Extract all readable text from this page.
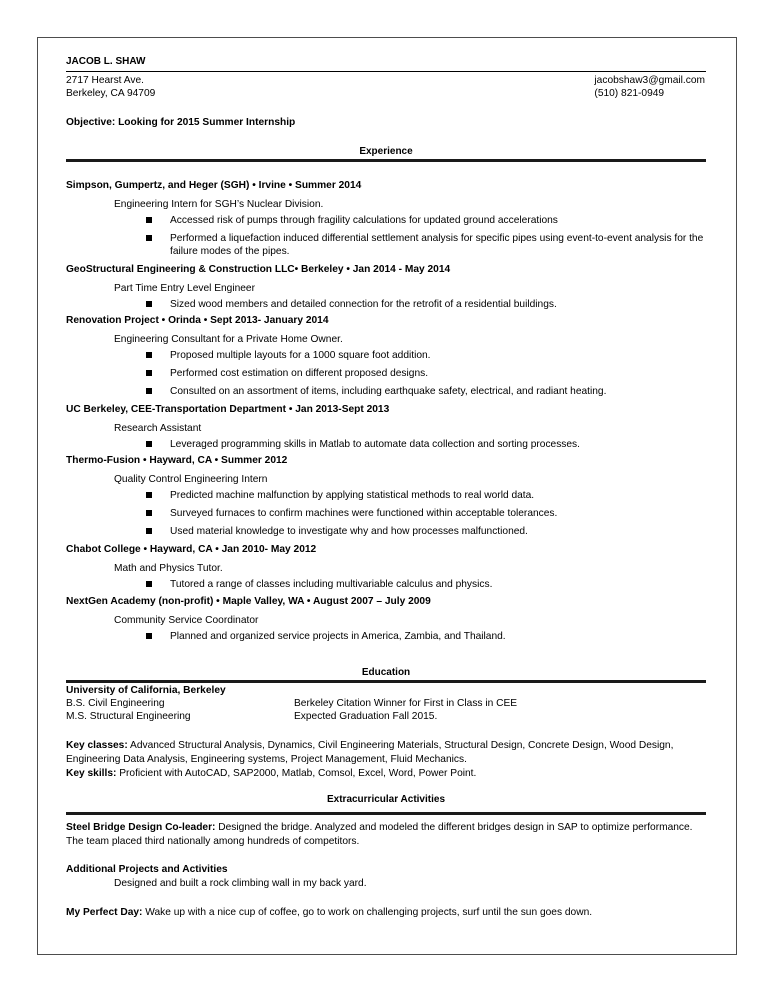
JACOB L. SHAW
2717 Hearst Ave.
Berkeley, CA 94709
jacobshaw3@gmail.com
(510) 821-0949
Objective: Looking for 2015 Summer Internship
Experience
Simpson, Gumpertz, and Heger (SGH) • Irvine • Summer 2014
Engineering Intern for SGH’s Nuclear Division.
Accessed risk of pumps through fragility calculations for updated ground accelerations
Performed a liquefaction induced differential settlement analysis for specific pipes using event-to-event analysis for the failure modes of the pipes.
GeoStructural Engineering & Construction LLC• Berkeley • Jan 2014 - May 2014
Part Time Entry Level Engineer
Sized wood members and detailed connection for the retrofit of a residential buildings.
Renovation Project • Orinda • Sept 2013- January 2014
Engineering Consultant for a Private Home Owner.
Proposed multiple layouts for a 1000 square foot addition.
Performed cost estimation on different proposed designs.
Consulted on an assortment of items, including earthquake safety, electrical, and radiant heating.
UC Berkeley, CEE-Transportation Department • Jan 2013-Sept 2013
Research Assistant
Leveraged programming skills in Matlab to automate data collection and sorting processes.
Thermo-Fusion • Hayward, CA • Summer 2012
Quality Control Engineering Intern
Predicted machine malfunction by applying statistical methods to real world data.
Surveyed furnaces to confirm machines were functioned within acceptable tolerances.
Used material knowledge to investigate why and how processes malfunctioned.
Chabot College • Hayward, CA • Jan 2010- May 2012
Math and Physics Tutor.
Tutored a range of classes including multivariable calculus and physics.
NextGen Academy (non-profit) • Maple Valley, WA • August 2007 – July 2009
Community Service Coordinator
Planned and organized service projects in America, Zambia, and Thailand.
Education
University of California, Berkeley
B.S. Civil Engineering
M.S. Structural Engineering
Berkeley Citation Winner for First in Class in CEE
Expected Graduation Fall 2015.
Key classes: Advanced Structural Analysis, Dynamics, Civil Engineering Materials, Structural Design, Concrete Design, Wood Design, Engineering Data Analysis, Engineering systems, Project Management, Fluid Mechanics.
Key skills: Proficient with AutoCAD, SAP2000, Matlab, Comsol, Excel, Word, Power Point.
Extracurricular Activities
Steel Bridge Design Co-leader: Designed the bridge. Analyzed and modeled the different bridges design in SAP to optimize performance. The team placed third nationally among hundreds of competitors.
Additional Projects and Activities
Designed and built a rock climbing wall in my back yard.
My Perfect Day: Wake up with a nice cup of coffee, go to work on challenging projects, surf until the sun goes down.
